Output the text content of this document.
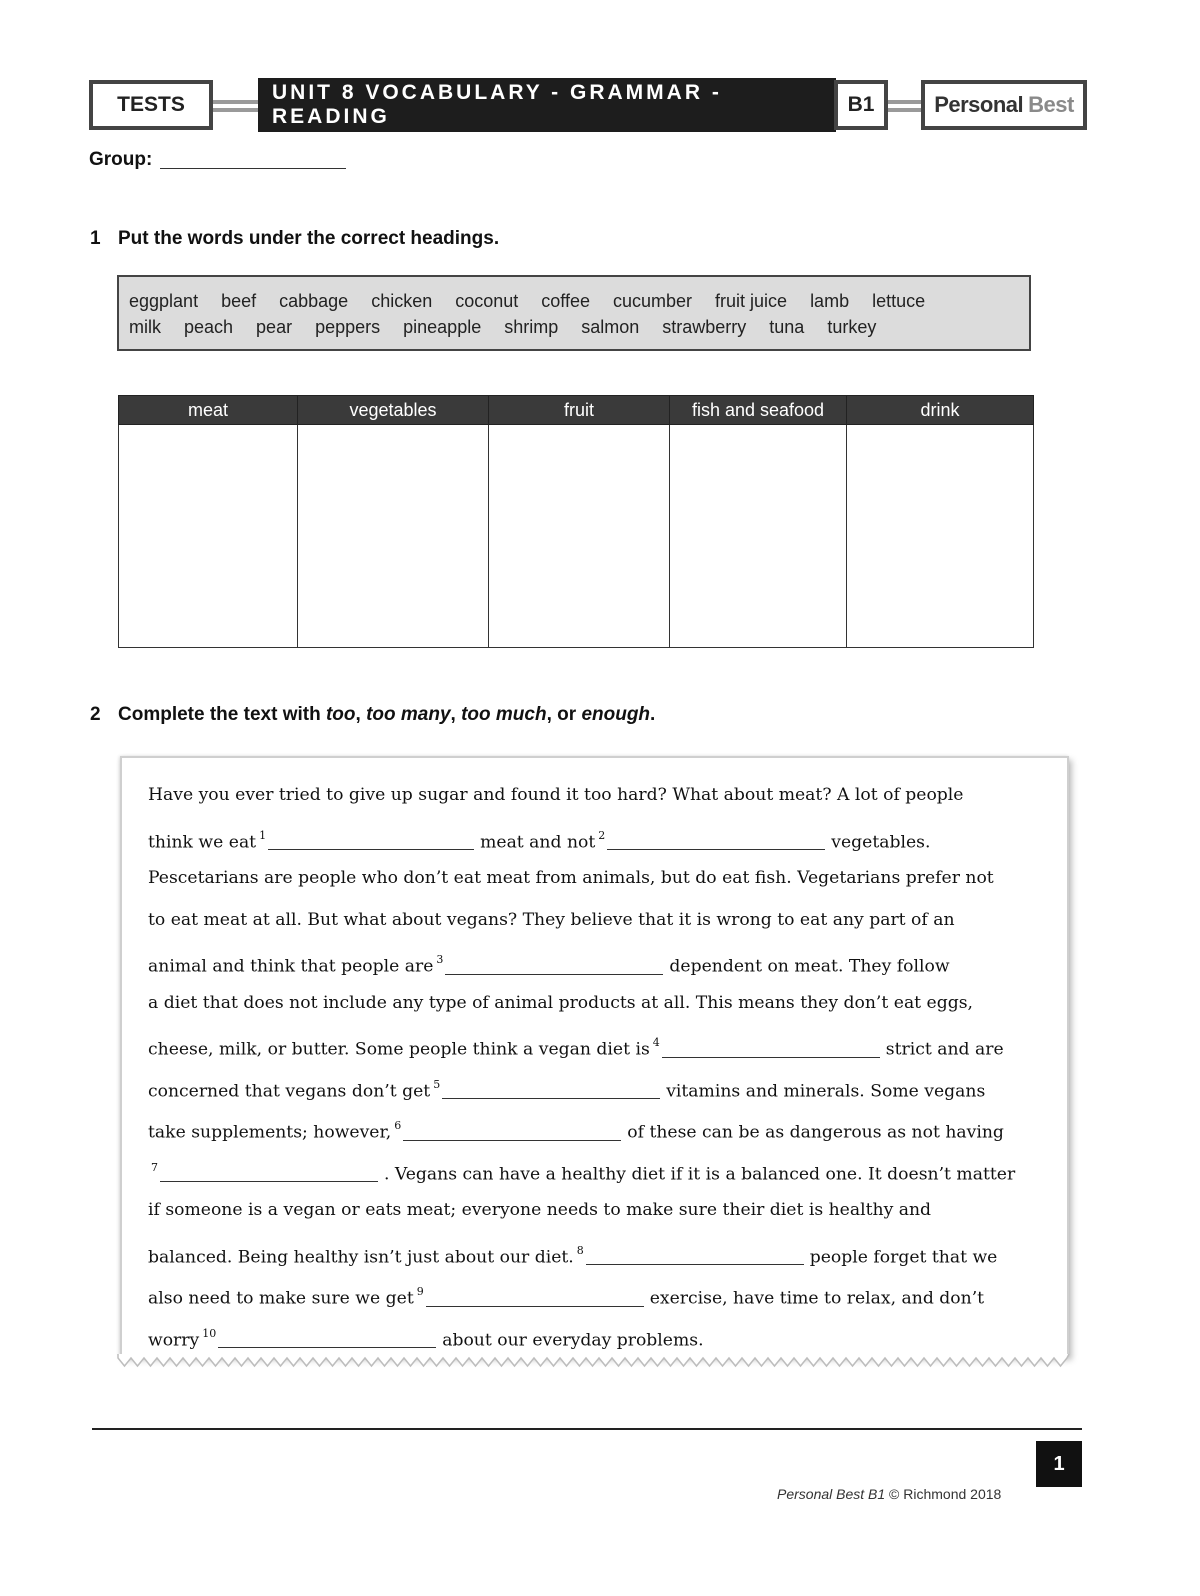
TESTS
UNIT 8 VOCABULARY - GRAMMAR - READING
B1	Personal Best
Group:
1 Put the words under the correct headings.
eggplant beef cabbage chicken coconut coffee cucumber fruit juice lamb lettuce
milk peach pear peppers pineapple shrimp salmon strawberry tuna turkey
meat	vegetables	fruit	fish and seafood	drink

2 Complete the text with too, too many, too much, or enough.
Have you ever tried to give up sugar and found it too hard? What about meat? A lot of people
think we eat $^1$	meat and not $^2$	vegetables.
Pescetarians are people who don’t eat meat from animals, but do eat fish. Vegetarians prefer not
to eat meat at all. But what about vegans? They believe that it is wrong to eat any part of an
animal and think that people are $^3$	dependent on meat. They follow
a diet that does not include any type of animal products at all. This means they don’t eat eggs,
cheese, milk, or butter. Some people think a vegan diet is $^4$	strict and are
concerned that vegans don’t get $^5$	vitamins and minerals. Some vegans
take supplements; however, $^6$	of these can be as dangerous as not having
$^7$	. Vegans can have a healthy diet if it is a balanced one. It doesn’t matter
if someone is a vegan or eats meat; everyone needs to make sure their diet is healthy and
balanced. Being healthy isn’t just about our diet. $^8$	people forget that we
also need to make sure we get $^9$	exercise, have time to relax, and don’t
worry $^{10}$	about our everyday problems.
1
Personal Best B1 © Richmond 2018
